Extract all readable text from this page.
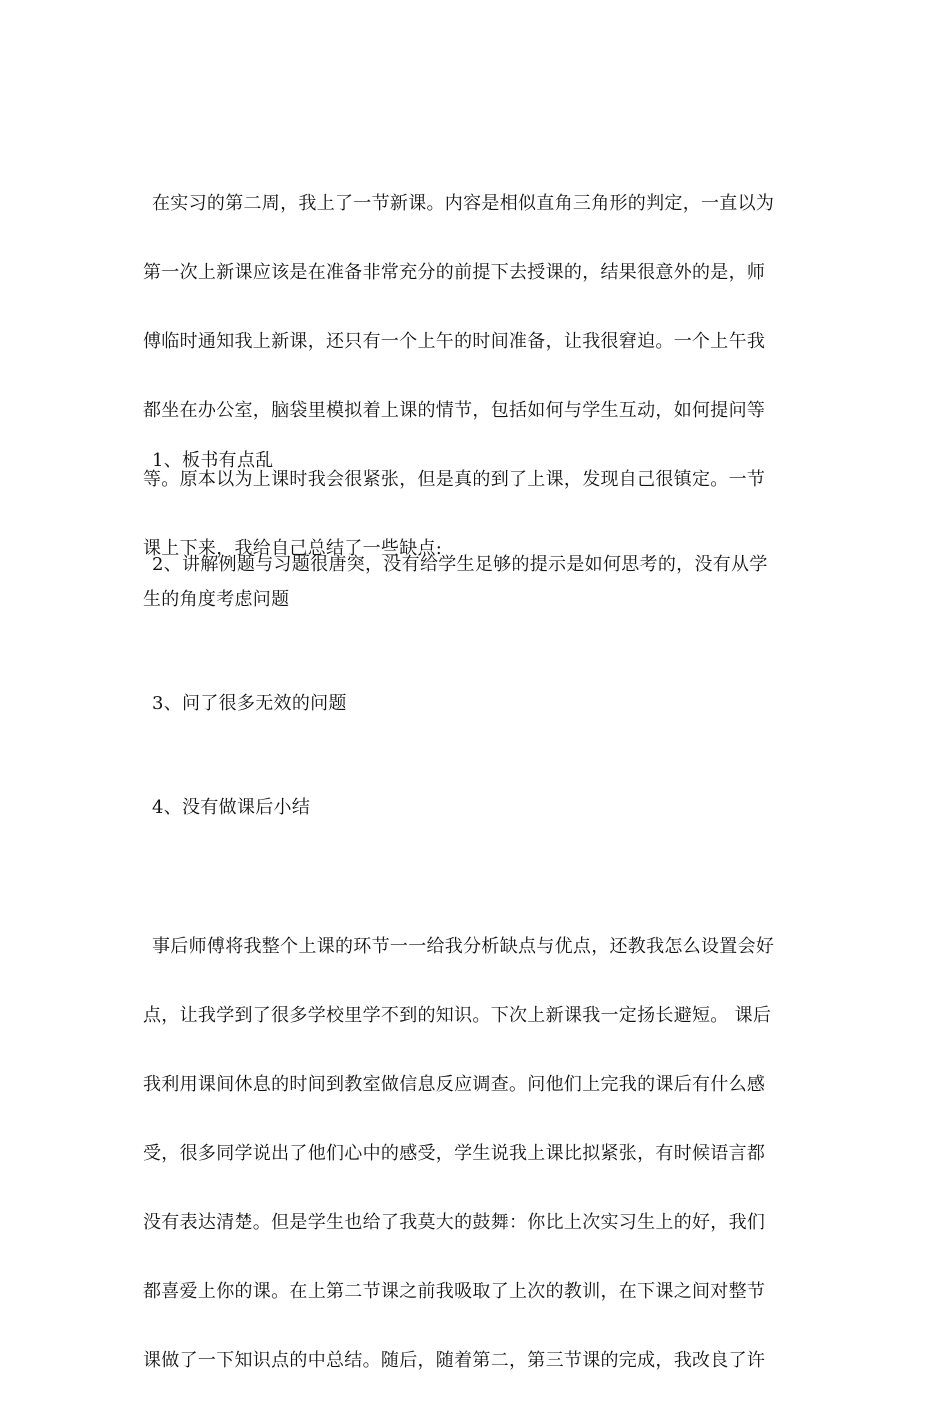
在实习的第二周，我上了一节新课。内容是相似直角三角形的判定，一直以为

第一次上新课应该是在准备非常充分的前提下去授课的，结果很意外的是，师

傅临时通知我上新课，还只有一个上午的时间准备，让我很窘迫。一个上午我

都坐在办公室，脑袋里模拟着上课的情节，包括如何与学生互动，如何提问等

等。原本以为上课时我会很紧张，但是真的到了上课，发现自己很镇定。一节

课上下来，我给自己总结了一些缺点:

1、板书有点乱
2、讲解例题与习题很唐突，没有给学生足够的提示是如何思考的，没有从学
生的角度考虑问题
3、问了很多无效的问题
4、没有做课后小结

事后师傅将我整个上课的环节一一给我分析缺点与优点，还教我怎么设置会好

点，让我学到了很多学校里学不到的知识。下次上新课我一定扬长避短。 课后

我利用课间休息的时间到教室做信息反应调查。问他们上完我的课后有什么感

受，很多同学说出了他们心中的感受，学生说我上课比拟紧张，有时候语言都

没有表达清楚。但是学生也给了我莫大的鼓舞：你比上次实习生上的好，我们

都喜爱上你的课。在上第二节课之前我吸取了上次的教训，在下课之间对整节

课做了一下知识点的中总结。随后，随着第二，第三节课的完成，我改良了许
